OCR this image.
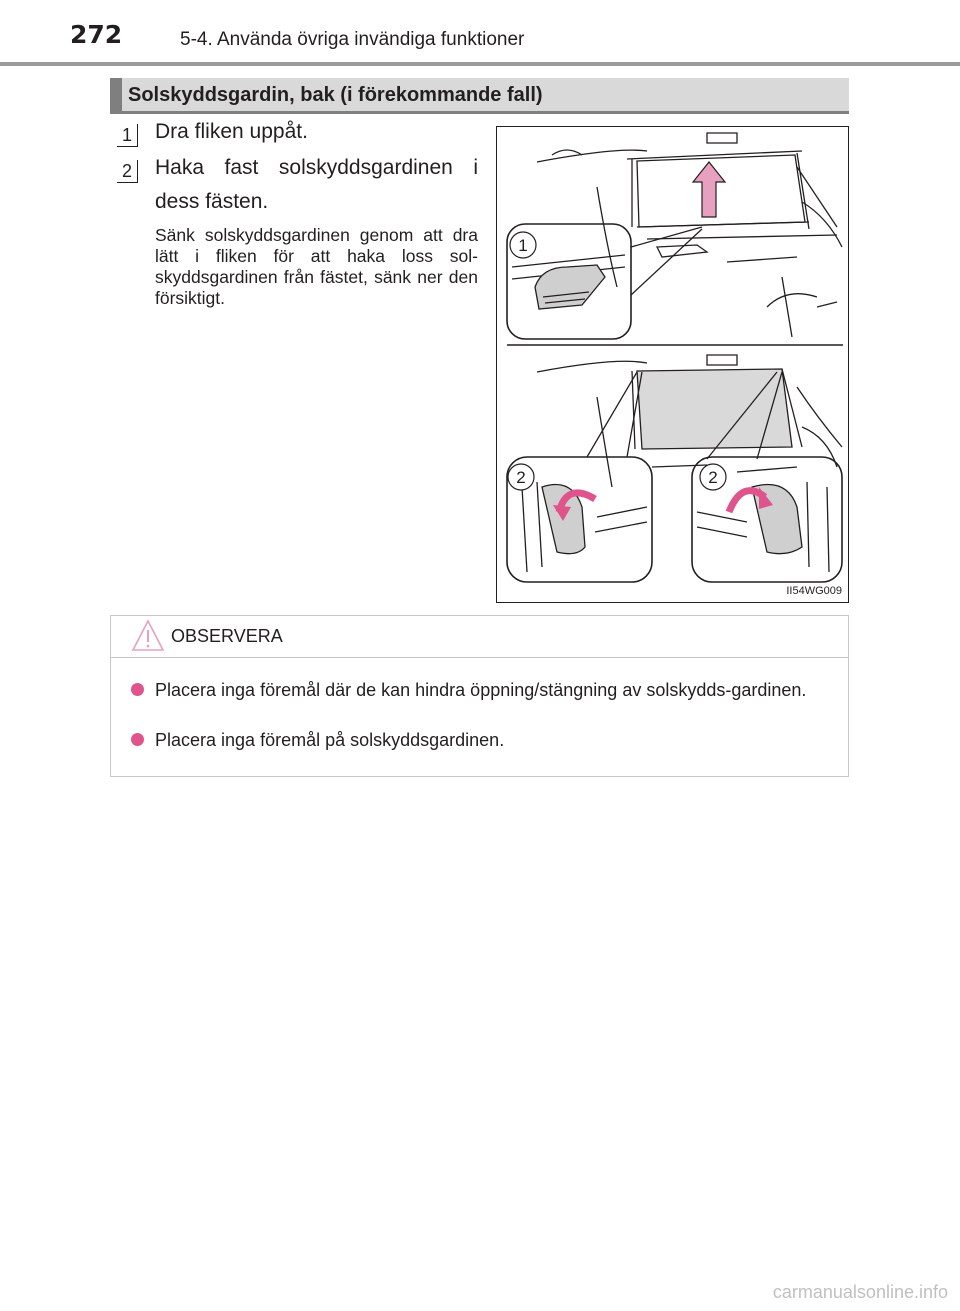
272	5-4. Använda övriga invändiga funktioner
Solskyddsgardin, bak (i förekommande fall)
1 Dra fliken uppåt.
2 Haka fast solskyddsgardinen i dess fästen.
Sänk solskyddsgardinen genom att dra lätt i fliken för att haka loss sol-skyddsgardinen från fästet, sänk ner den försiktigt.
1
2	2
II54WG009
OBSERVERA
Placera inga föremål där de kan hindra öppning/stängning av solskydds-gardinen.
Placera inga föremål på solskyddsgardinen.
carmanualsonline.info
